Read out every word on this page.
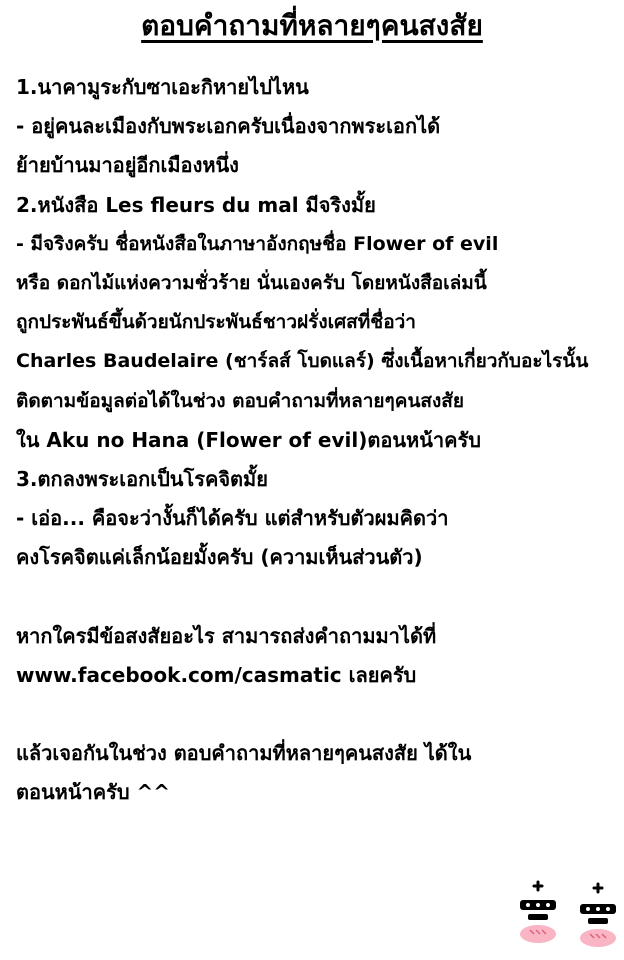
ตอบคำถามที่หลายๆคนสงสัย
1.นาคามูระกับซาเอะกิหายไปไหน
- อยู่คนละเมืองกับพระเอกครับเนื่องจากพระเอกได้
ย้ายบ้านมาอยู่อีกเมืองหนึ่ง
2.หนังสือ Les fleurs du mal มีจริงมั้ย
- มีจริงครับ ชื่อหนังสือในภาษาอังกฤษชื่อ Flower of evil
หรือ ดอกไม้แห่งความชั่วร้าย นั่นเองครับ โดยหนังสือเล่มนี้
ถูกประพันธ์ขึ้นด้วยนักประพันธ์ชาวฝรั่งเศสที่ชื่อว่า
Charles Baudelaire (ชาร์ลส์ โบดแลร์) ซึ่งเนื้อหาเกี่ยวกับอะไรนั้น
ติดตามข้อมูลต่อได้ในช่วง ตอบคำถามที่หลายๆคนสงสัย
ใน Aku no Hana (Flower of evil)ตอนหน้าครับ
3.ตกลงพระเอกเป็นโรคจิตมั้ย
- เอ่อ... คือจะว่างั้นก็ได้ครับ แต่สำหรับตัวผมคิดว่า
คงโรคจิตแค่เล็กน้อยมั้งครับ (ความเห็นส่วนตัว)
หากใครมีข้อสงสัยอะไร สามารถส่งคำถามมาได้ที่
www.facebook.com/casmatic เลยครับ
แล้วเจอกันในช่วง ตอบคำถามที่หลายๆคนสงสัย ได้ใน
ตอนหน้าครับ ^^
